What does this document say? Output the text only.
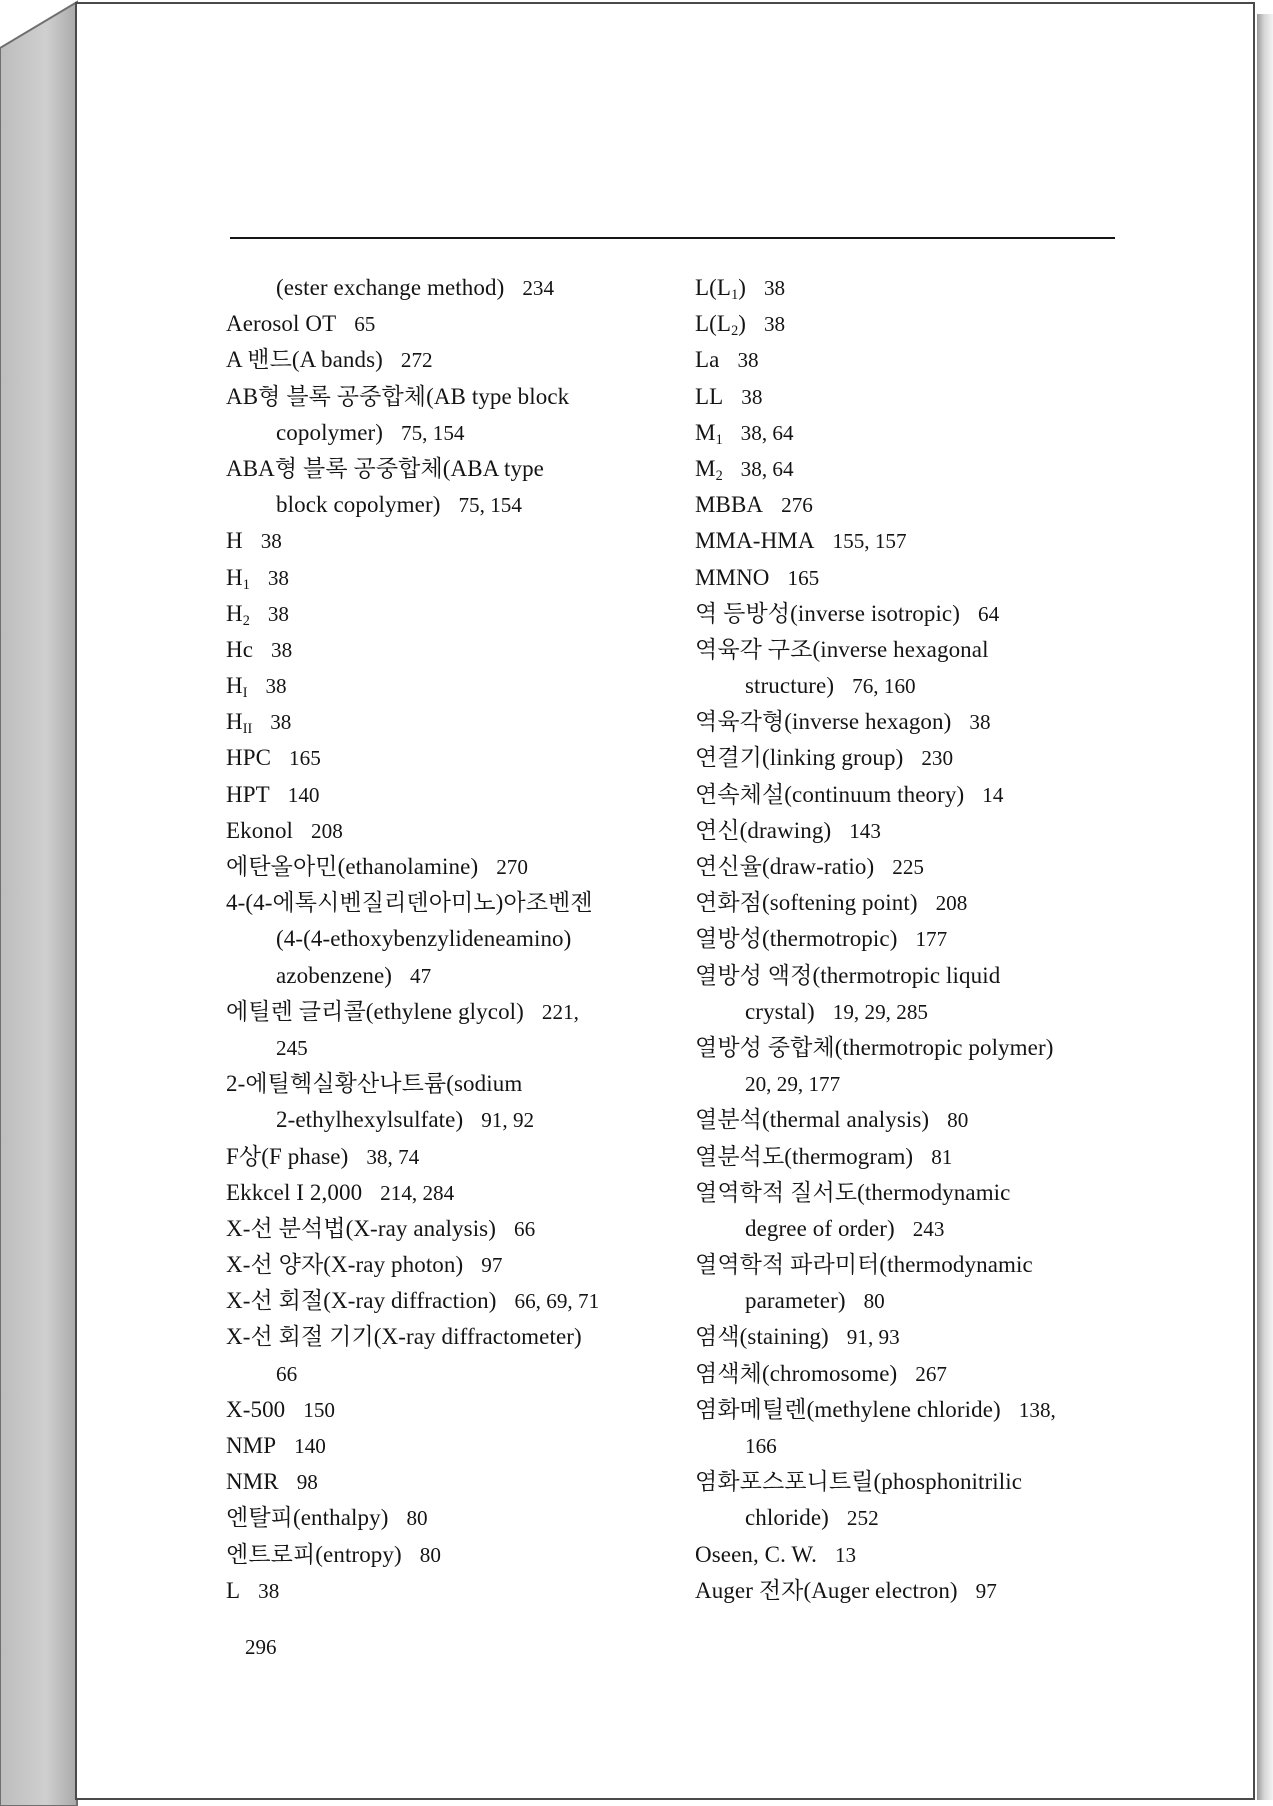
(ester exchange method) 234
Aerosol OT 65
A 밴드(A bands) 272
AB형 블록 공중합체(AB type block
copolymer) 75, 154
ABA형 블록 공중합체(ABA type
block copolymer) 75, 154
H 38
$H_1$ 38
$H_2$ 38
Hc 38
$H_I$ 38
$H_{II}$ 38
HPC 165
HPT 140
Ekonol 208
에탄올아민(ethanolamine) 270
4-(4-에톡시벤질리덴아미노)아조벤젠
(4-(4-ethoxybenzylideneamino)
azobenzene) 47
에틸렌 글리콜(ethylene glycol) 221,
245
2-에틸헥실황산나트륨(sodium
2-ethylhexylsulfate) 91, 92
F상(F phase) 38, 74
Ekkcel I 2,000 214, 284
X-선 분석법(X-ray analysis) 66
X-선 양자(X-ray photon) 97
X-선 회절(X-ray diffraction) 66, 69, 71
X-선 회절 기기(X-ray diffractometer)
66
X-500 150
NMP 140
NMR 98
엔탈피(enthalpy) 80
엔트로피(entropy) 80
L 38
$L(L_1)$ 38
$L(L_2)$ 38
La 38
LL 38
$M_1$ 38, 64
$M_2$ 38, 64
MBBA 276
MMA-HMA 155, 157
MMNO 165
역 등방성(inverse isotropic) 64
역육각 구조(inverse hexagonal
structure) 76, 160
역육각형(inverse hexagon) 38
연결기(linking group) 230
연속체설(continuum theory) 14
연신(drawing) 143
연신율(draw-ratio) 225
연화점(softening point) 208
열방성(thermotropic) 177
열방성 액정(thermotropic liquid
crystal) 19, 29, 285
열방성 중합체(thermotropic polymer)
20, 29, 177
열분석(thermal analysis) 80
열분석도(thermogram) 81
열역학적 질서도(thermodynamic
degree of order) 243
열역학적 파라미터(thermodynamic
parameter) 80
염색(staining) 91, 93
염색체(chromosome) 267
염화메틸렌(methylene chloride) 138,
166
염화포스포니트릴(phosphonitrilic
chloride) 252
Oseen, C. W. 13
Auger 전자(Auger electron) 97
296
